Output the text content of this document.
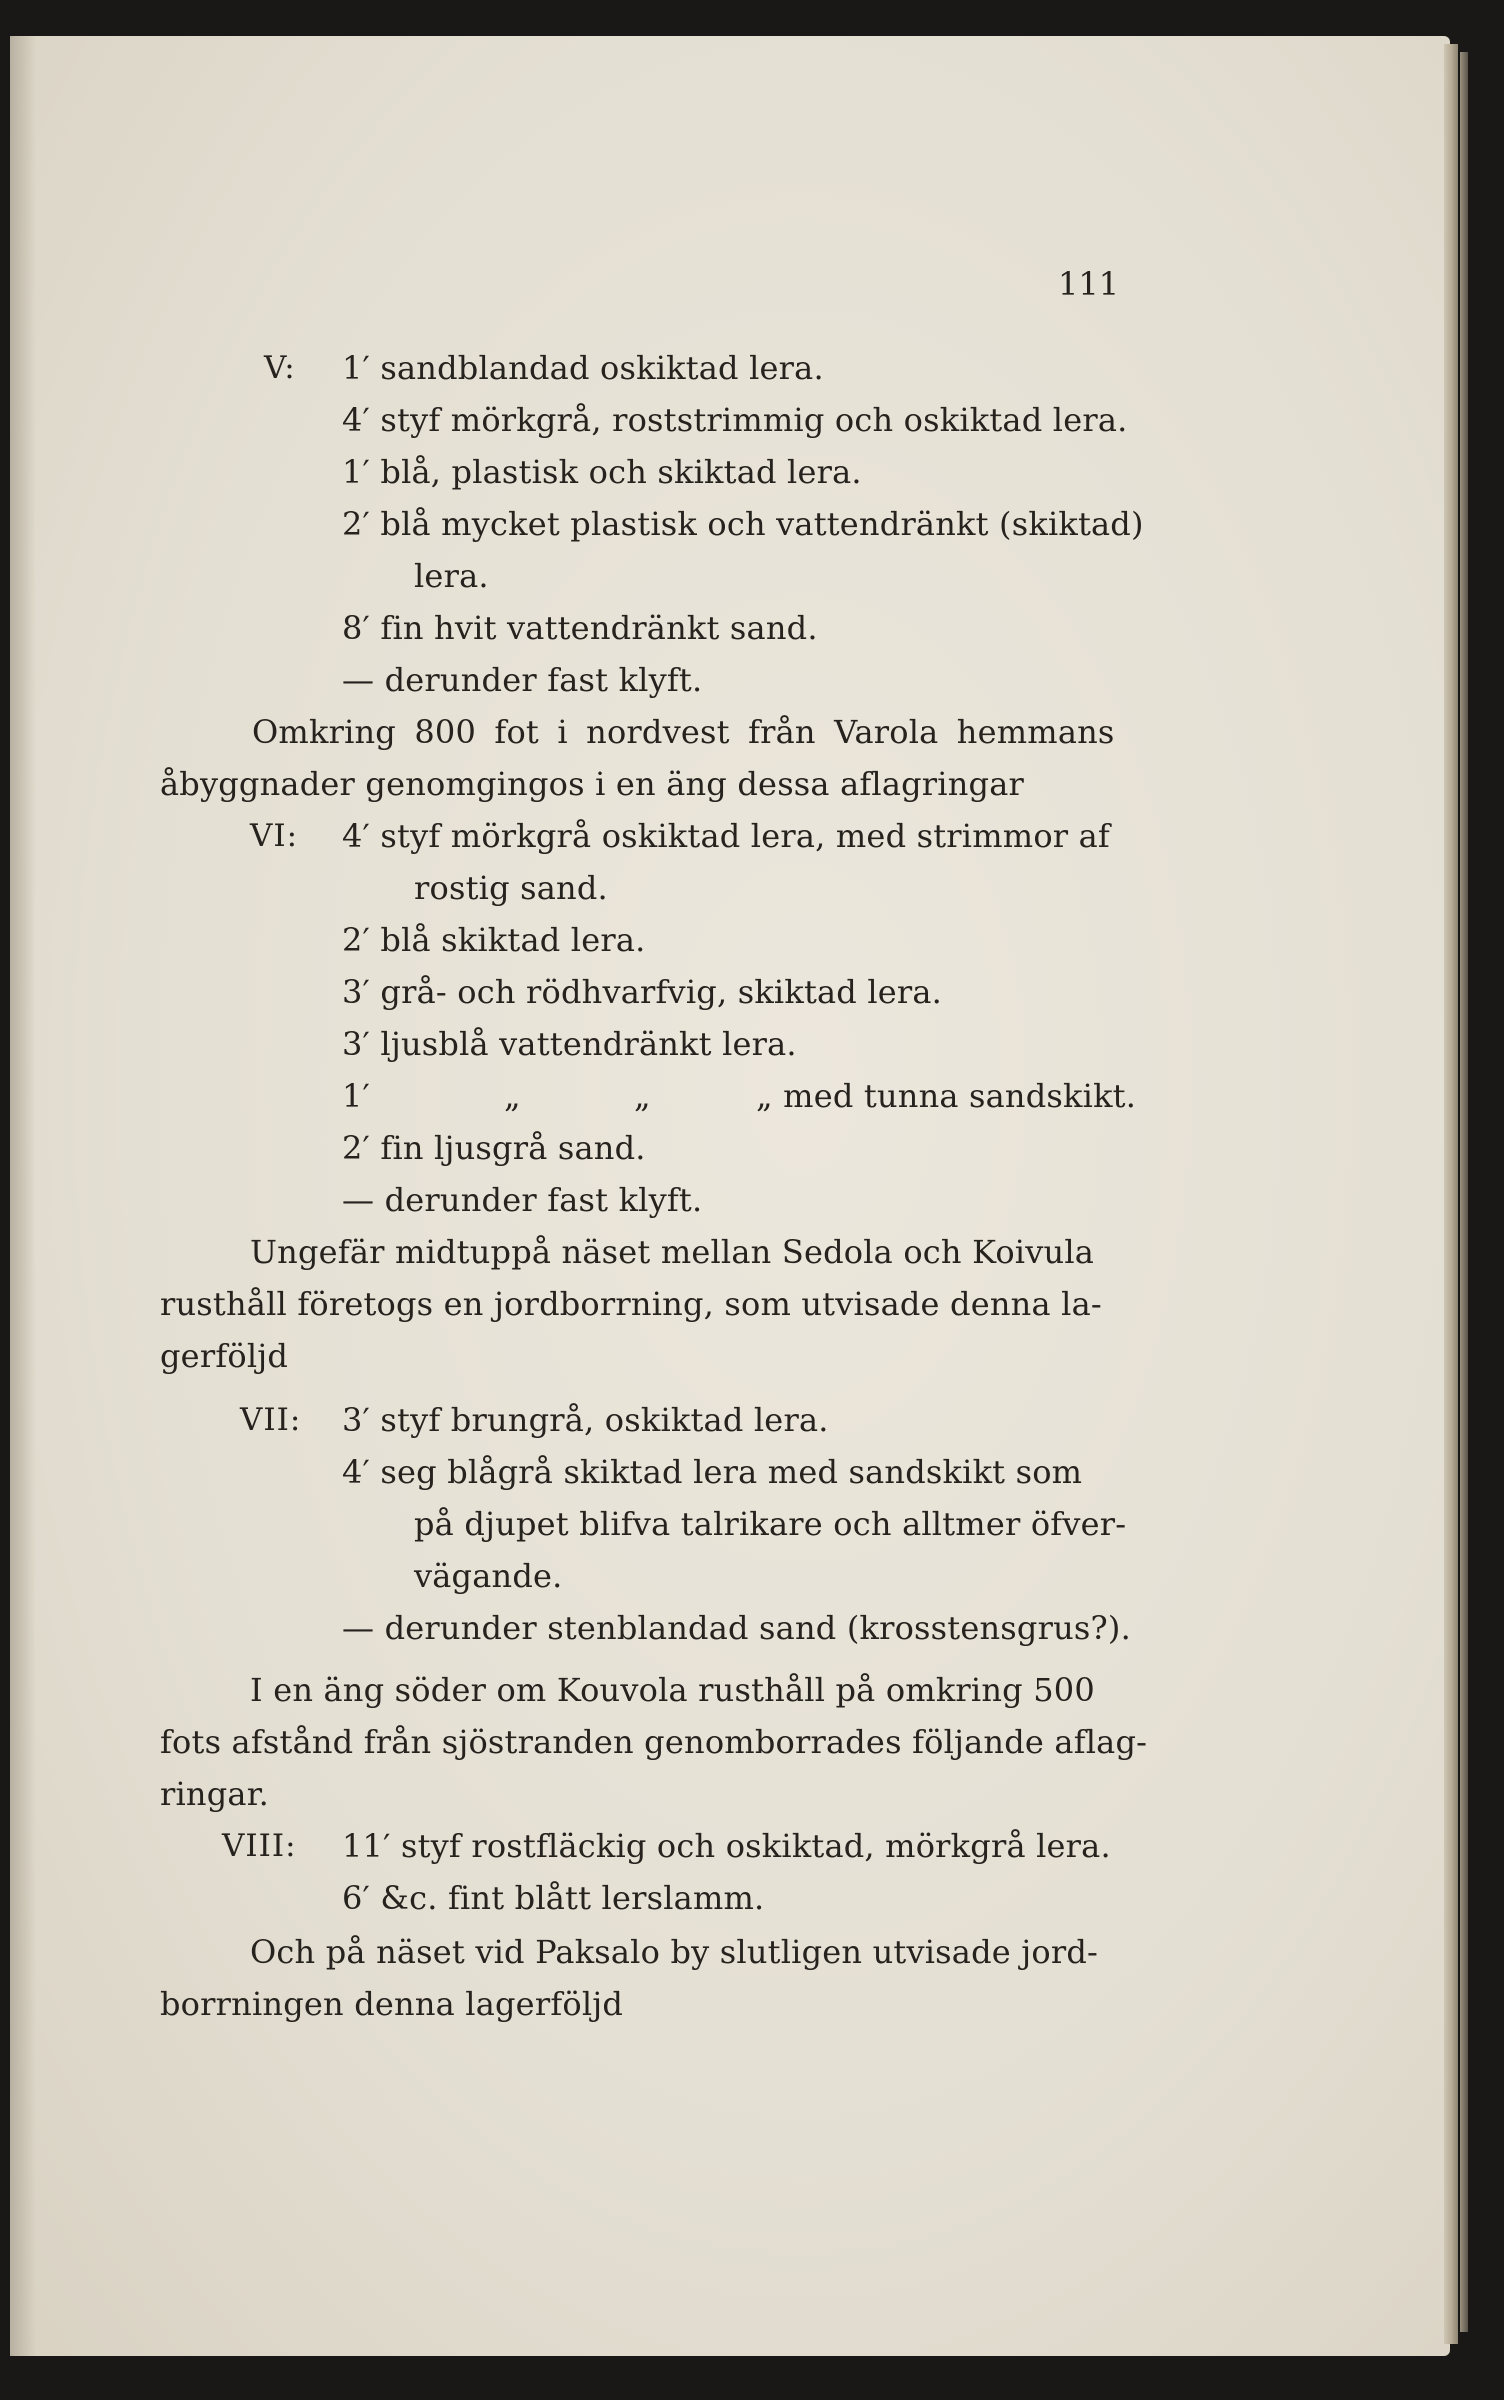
111
V: 1′ sandblandad oskiktad lera.
4′ styf mörkgrå, roststrimmig och oskiktad lera.
1′ blå, plastisk och skiktad lera.
2′ blå mycket plastisk och vattendränkt (skiktad)
lera.
8′ fin hvit vattendränkt sand.
— derunder fast klyft.
Omkring 800 fot i nordvest från Varola hemmans
åbyggnader genomgingos i en äng dessa aflagringar
VI: 4′ styf mörkgrå oskiktad lera, med strimmor af
rostig sand.
2′ blå skiktad lera.
3′ grå- och rödhvarfvig, skiktad lera.
3′ ljusblå vattendränkt lera.
1′	„	„	„ med tunna sandskikt.
2′ fin ljusgrå sand.
— derunder fast klyft.
Ungefär midtuppå näset mellan Sedola och Koivula
rusthåll företogs en jordborrning, som utvisade denna la-
gerföljd
VII: 3′ styf brungrå, oskiktad lera.
4′ seg blågrå skiktad lera med sandskikt som
på djupet blifva talrikare och alltmer öfver-
vägande.
— derunder stenblandad sand (krosstensgrus?).
I en äng söder om Kouvola rusthåll på omkring 500
fots afstånd från sjöstranden genomborrades följande aflag-
ringar.
VIII: 11′ styf rostfläckig och oskiktad, mörkgrå lera.
6′ &c. fint blått lerslamm.
Och på näset vid Paksalo by slutligen utvisade jord-
borrningen denna lagerföljd
